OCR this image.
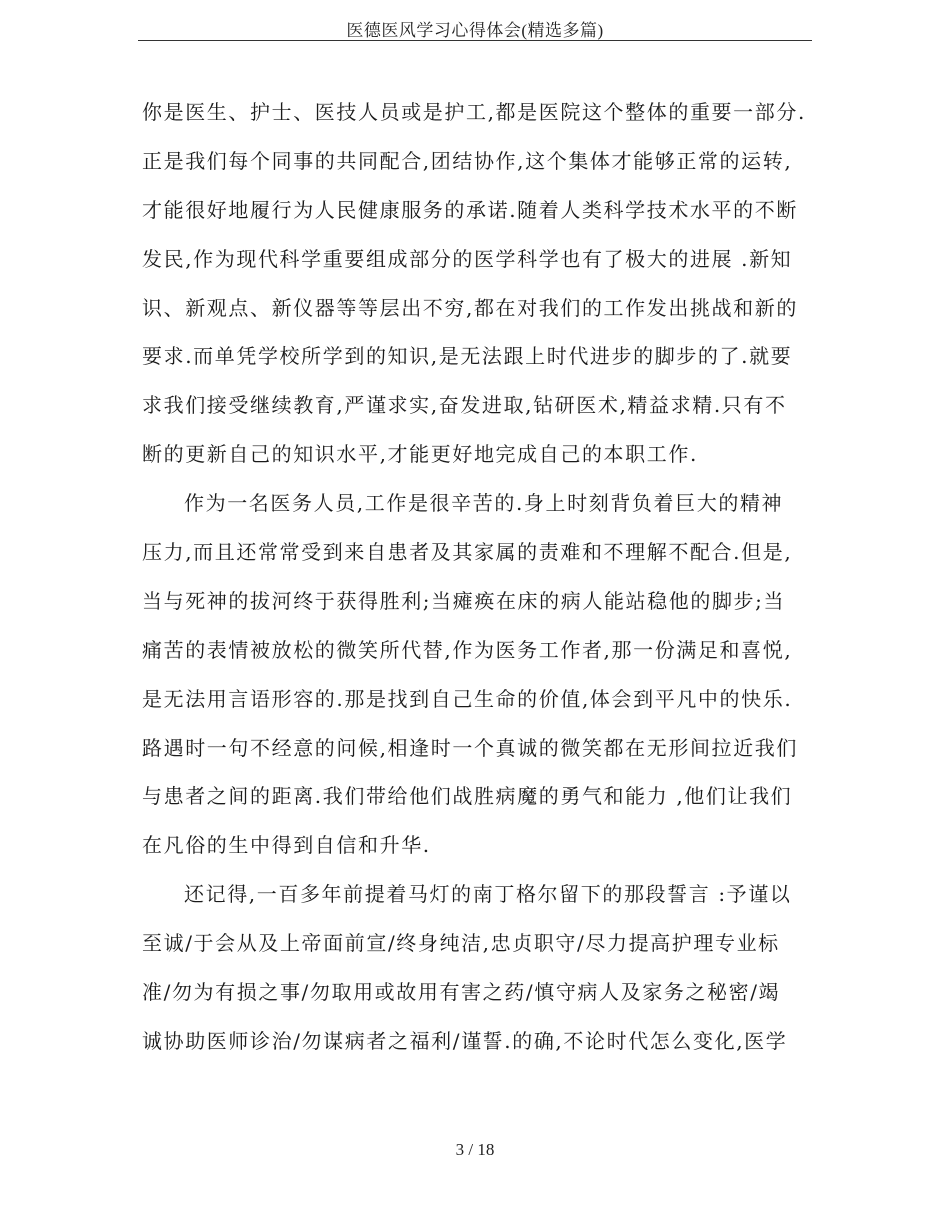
医德医风学习心得体会(精选多篇)
你是医生、护士、医技人员或是护工,都是医院这个整体的重要一部分.
正是我们每个同事的共同配合,团结协作,这个集体才能够正常的运转,
才能很好地履行为人民健康服务的承诺.随着人类科学技术水平的不断
发民,作为现代科学重要组成部分的医学科学也有了极大的进展 .新知
识、新观点、新仪器等等层出不穷,都在对我们的工作发出挑战和新的
要求.而单凭学校所学到的知识,是无法跟上时代进步的脚步的了.就要
求我们接受继续教育,严谨求实,奋发进取,钻研医术,精益求精.只有不
断的更新自己的知识水平,才能更好地完成自己的本职工作.
作为一名医务人员,工作是很辛苦的.身上时刻背负着巨大的精神
压力,而且还常常受到来自患者及其家属的责难和不理解不配合.但是,
当与死神的拔河终于获得胜利;当瘫痪在床的病人能站稳他的脚步;当
痛苦的表情被放松的微笑所代替,作为医务工作者,那一份满足和喜悦,
是无法用言语形容的.那是找到自己生命的价值,体会到平凡中的快乐.
路遇时一句不经意的问候,相逢时一个真诚的微笑都在无形间拉近我们
与患者之间的距离.我们带给他们战胜病魔的勇气和能力 ,他们让我们
在凡俗的生中得到自信和升华.
还记得,一百多年前提着马灯的南丁格尔留下的那段誓言 :予谨以
至诚/于会从及上帝面前宣/终身纯洁,忠贞职守/尽力提高护理专业标
准/勿为有损之事/勿取用或故用有害之药/慎守病人及家务之秘密/竭
诚协助医师诊治/勿谋病者之福利/谨誓.的确,不论时代怎么变化,医学
3 / 18
